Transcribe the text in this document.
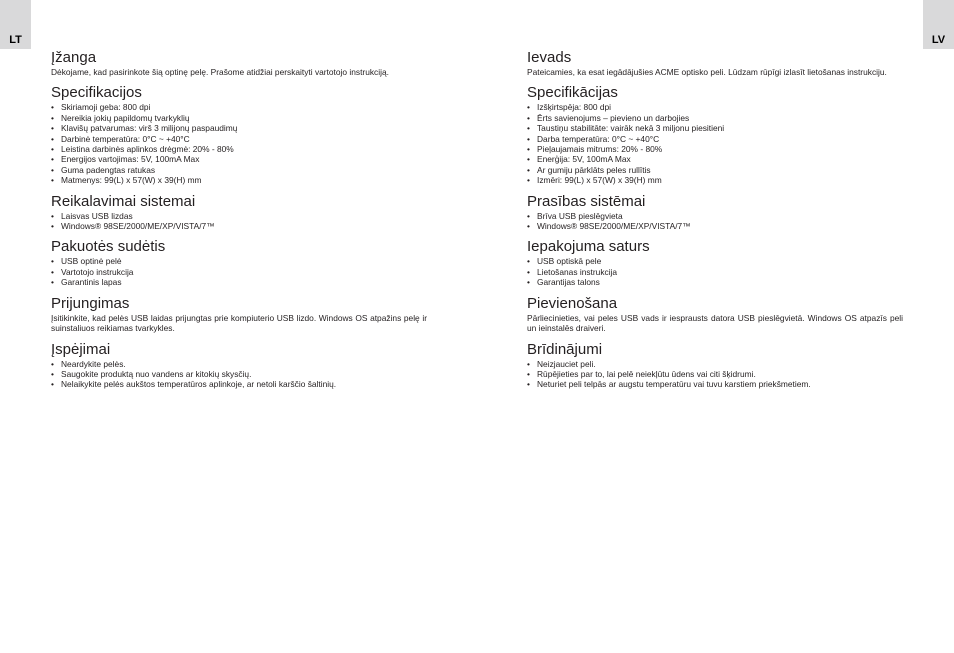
LT	LV
Įžanga

Dėkojame, kad pasirinkote šią optinę pelę. Prašome atidžiai perskaityti vartotojo instrukciją.

Specifikacijos
• Skiriamoji geba: 800 dpi
• Nereikia jokių papildomų tvarkyklių
• Klavišų patvarumas: virš 3 milijonų paspaudimų
• Darbinė temperatūra: 0°C ~ +40°C
• Leistina darbinės aplinkos drėgmė: 20% - 80%
• Energijos vartojimas: 5V, 100mA Max
• Guma padengtas ratukas
• Matmenys: 99(L) x 57(W) x 39(H) mm
Reikalavimai sistemai
• Laisvas USB lizdas
• Windows® 98SE/2000/ME/XP/VISTA/7™
Pakuotės sudėtis
• USB optinė pelė
• Vartotojo instrukcija
• Garantinis lapas
Prijungimas

Įsitikinkite, kad pelės USB laidas prijungtas prie kompiuterio USB lizdo. Windows OS atpažins pelę ir suinstaliuos reikiamas tvarkykles.

Įspėjimai
• Neardykite pelės.
• Saugokite produktą nuo vandens ar kitokių skysčių.
• Nelaikykite pelės aukštos temperatūros aplinkoje, ar netoli karščio šaltinių.
Ievads

Pateicamies, ka esat iegādājušies ACME optisko peli. Lūdzam rūpīgi izlasīt lietošanas instrukciju.

Specifikācijas
• Izšķirtspēja: 800 dpi
• Ērts savienojums – pievieno un darbojies
• Taustiņu stabilitāte: vairāk nekā 3 miljonu piesitieni
• Darba temperatūra: 0°C ~ +40°C
• Pieļaujamais mitrums: 20% - 80%
• Enerģija: 5V, 100mA Max
• Ar gumiju pārklāts peles rullītis
• Izmēri: 99(L) x 57(W) x 39(H) mm
Prasības sistēmai
• Brīva USB pieslēgvieta
• Windows® 98SE/2000/ME/XP/VISTA/7™
Iepakojuma saturs
• USB optiskā pele
• Lietošanas instrukcija
• Garantijas talons
Pievienošana

Pārliecinieties, vai peles USB vads ir iesprausts datora USB pieslēgvietā. Windows OS atpazīs peli un ieinstalēs draiveri.

Brīdinājumi
• Neizjauciet peli.
• Rūpējieties par to, lai pelē neiekļūtu ūdens vai citi šķidrumi.
• Neturiet peli telpās ar augstu temperatūru vai tuvu karstiem priekšmetiem.
